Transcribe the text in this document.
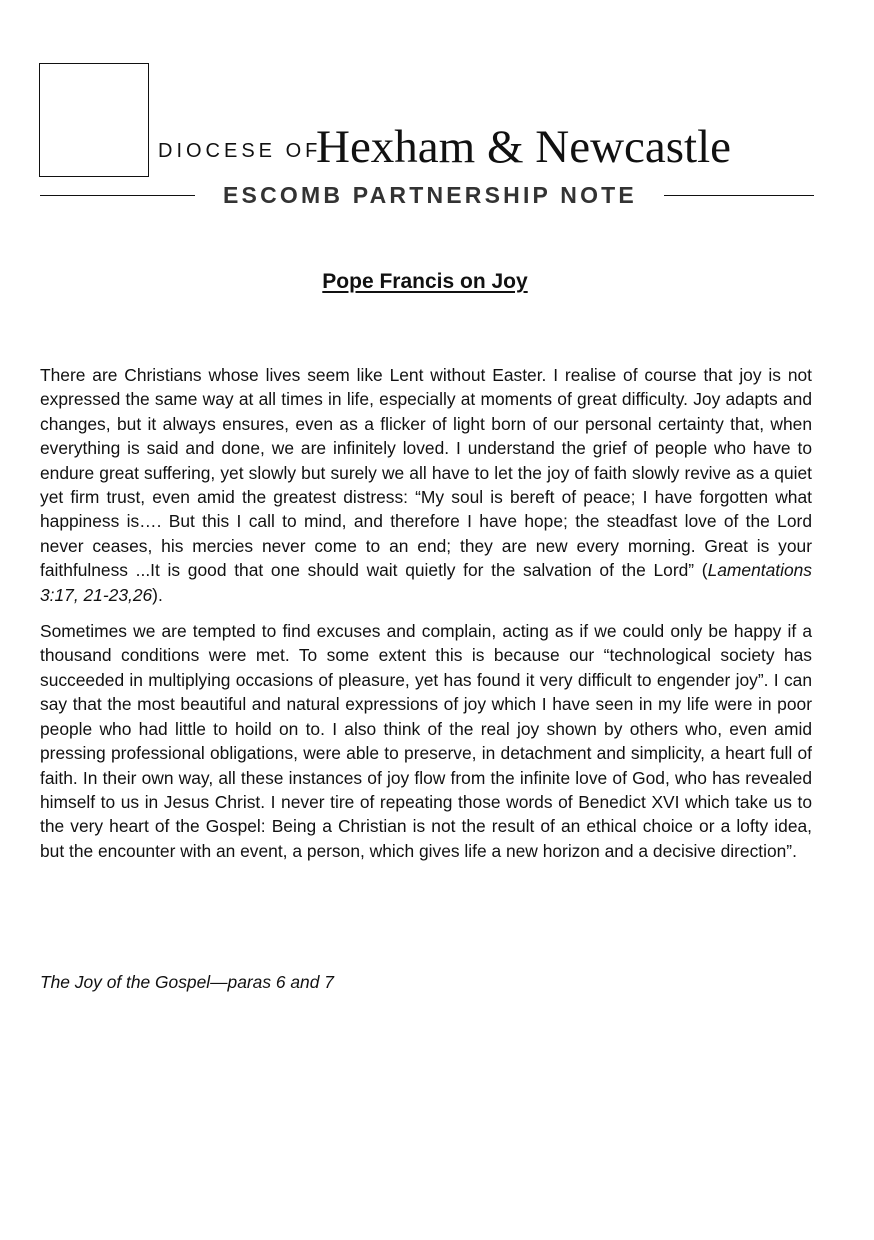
DIOCESE OF
Hexham & Newcastle
ESCOMB PARTNERSHIP NOTE
Pope Francis on Joy

There are Christians whose lives seem like Lent without Easter. I realise of course that joy is not expressed the same way at all times in life, especially at moments of great difficulty. Joy adapts and changes, but it always ensures, even as a flicker of light born of our personal certainty that, when everything is said and done, we are infinitely loved. I understand the grief of people who have to endure great suffering, yet slowly but surely we all have to let the joy of faith slowly revive as a quiet yet firm trust, even amid the greatest distress: “My soul is bereft of peace; I have forgotten what happiness is…. But this I call to mind, and therefore I have hope; the steadfast love of the Lord never ceases, his mercies never come to an end; they are new every morning. Great is your faithfulness ...It is good that one should wait quietly for the salvation of the Lord” (Lamentations 3:17, 21-23,26).

Sometimes we are tempted to find excuses and complain, acting as if we could only be happy if a thousand conditions were met. To some extent this is because our “technological society has succeeded in multiplying occasions of pleasure, yet has found it very difficult to engender joy”. I can say that the most beautiful and natural expressions of joy which I have seen in my life were in poor people who had little to hoild on to. I also think of the real joy shown by others who, even amid pressing professional obligations, were able to preserve, in detachment and simplicity, a heart full of faith. In their own way, all these instances of joy flow from the infinite love of God, who has revealed himself to us in Jesus Christ. I never tire of repeating those words of Benedict XVI which take us to the very heart of the Gospel: Being a Christian is not the result of an ethical choice or a lofty idea, but the encounter with an event, a person, which gives life a new horizon and a decisive direction”.

The Joy of the Gospel—paras 6 and 7
